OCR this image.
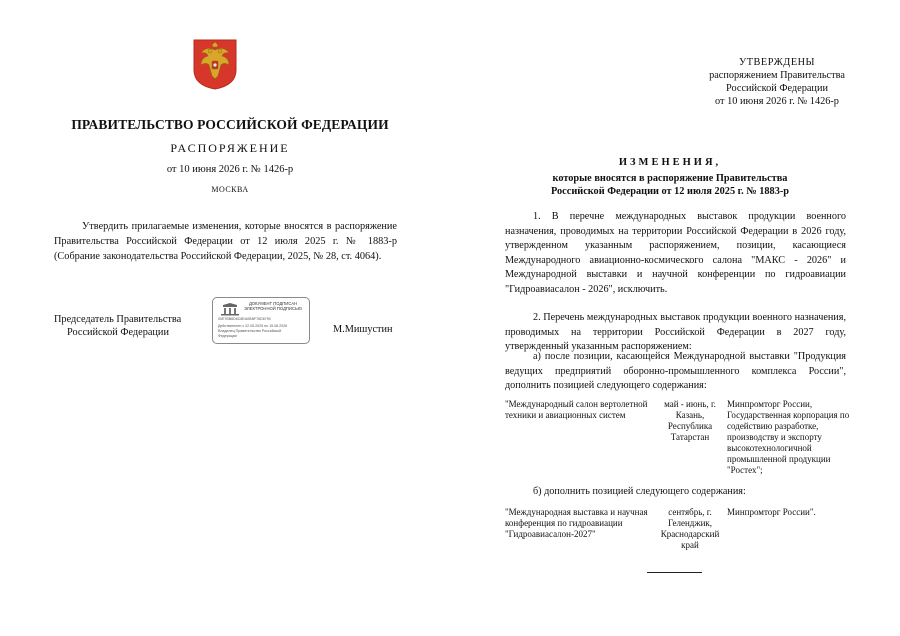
ПРАВИТЕЛЬСТВО РОССИЙСКОЙ ФЕДЕРАЦИИ
РАСПОРЯЖЕНИЕ
от 10 июня 2026 г. № 1426-р
МОСКВА
Утвердить прилагаемые изменения, которые вносятся в распоряжение Правительства Российской Федерации от 12 июля 2025 г. № 1883-р (Собрание законодательства Российской Федерации, 2025, № 28, ст. 4064).
Председатель Правительства
Российской Федерации	М.Мишустин
ДОКУМЕНТ ПОДПИСАН ЭЛЕКТРОННОЙ ПОДПИСЬЮ
00E7BB6D6C8EA0BBF76D6790
Действителен с 22.05.2025 по 15.08.2026
Владелец Правительство Российской
Федерации
УТВЕРЖДЕНЫ
распоряжением Правительства
Российской Федерации
от 10 июня 2026 г. № 1426-р
ИЗМЕНЕНИЯ,
которые вносятся в распоряжение Правительства
Российской Федерации от 12 июля 2025 г. № 1883-р
1. В перечне международных выставок продукции военного назначения, проводимых на территории Российской Федерации в 2026 году, утвержденном указанным распоряжением, позиции, касающиеся Международного авиационно-космического салона "МАКС - 2026" и Международной выставки и научной конференции по гидроавиации "Гидроавиасалон - 2026", исключить.
2. Перечень международных выставок продукции военного назначения, проводимых на территории Российской Федерации в 2027 году, утвержденный указанным распоряжением:
а) после позиции, касающейся Международной выставки "Продукция ведущих предприятий оборонно-промышленного комплекса России", дополнить позицией следующего содержания:
"Международный салон вертолетной техники и авиационных систем
май - июнь, г. Казань, Республика Татарстан
Минпромторг России, Государственная корпорация по содействию разработке, производству и экспорту высокотехнологичной промышленной продукции "Ростех";
б) дополнить позицией следующего содержания:
"Международная выставка и научная конференция по гидроавиации "Гидроавиасалон-2027"
сентябрь, г. Геленджик, Краснодарский край
Минпромторг России".
